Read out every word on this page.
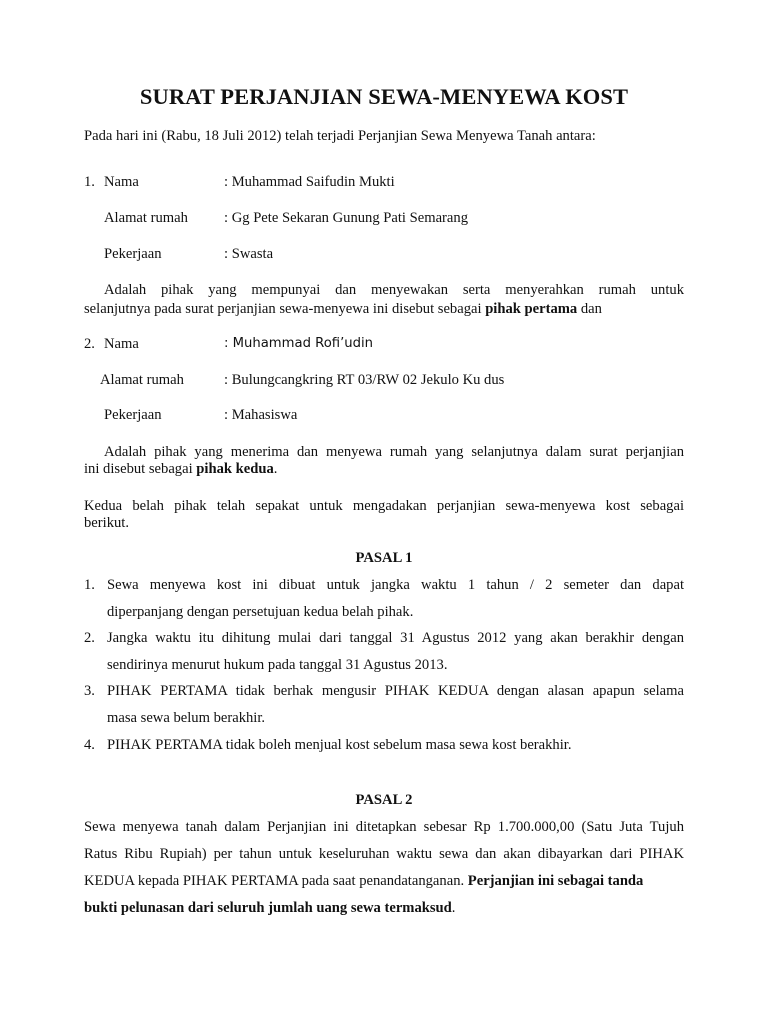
SURAT PERJANJIAN SEWA-MENYEWA KOST
Pada hari ini (Rabu, 18 Juli 2012) telah terjadi Perjanjian Sewa Menyewa Tanah antara:
1. Nama	: Muhammad Saifudin Mukti
Alamat rumah : Gg Pete Sekaran Gunung Pati Semarang
Pekerjaan	: Swasta
Adalah pihak yang mempunyai dan menyewakan serta menyerahkan rumah untuk
selanjutnya pada surat perjanjian sewa-menyewa ini disebut sebagai pihak pertama dan
2. Nama	: Muhammad Rofi’udin
Alamat rumah	: Bulungcangkring RT 03/RW 02 Jekulo Ku dus
Pekerjaan	: Mahasiswa
Adalah pihak yang menerima dan menyewa rumah yang selanjutnya dalam surat perjanjian
ini disebut sebagai pihak kedua.
Kedua belah pihak telah sepakat untuk mengadakan perjanjian sewa-menyewa kost sebagai
berikut.
PASAL 1
1. Sewa menyewa kost ini dibuat untuk jangka waktu 1 tahun / 2 semeter dan dapat
diperpanjang dengan persetujuan kedua belah pihak.
2. Jangka waktu itu dihitung mulai dari tanggal 31 Agustus 2012 yang akan berakhir dengan
sendirinya menurut hukum pada tanggal 31 Agustus 2013.
3. PIHAK PERTAMA tidak berhak mengusir PIHAK KEDUA dengan alasan apapun selama
masa sewa belum berakhir.
4. PIHAK PERTAMA tidak boleh menjual kost sebelum masa sewa kost berakhir.
PASAL 2
Sewa menyewa tanah dalam Perjanjian ini ditetapkan sebesar Rp 1.700.000,00 (Satu Juta Tujuh
Ratus Ribu Rupiah) per tahun untuk keseluruhan waktu sewa dan akan dibayarkan dari PIHAK
KEDUA kepada PIHAK PERTAMA pada saat penandatanganan. Perjanjian ini sebagai tanda
bukti pelunasan dari seluruh jumlah uang sewa termaksud.
